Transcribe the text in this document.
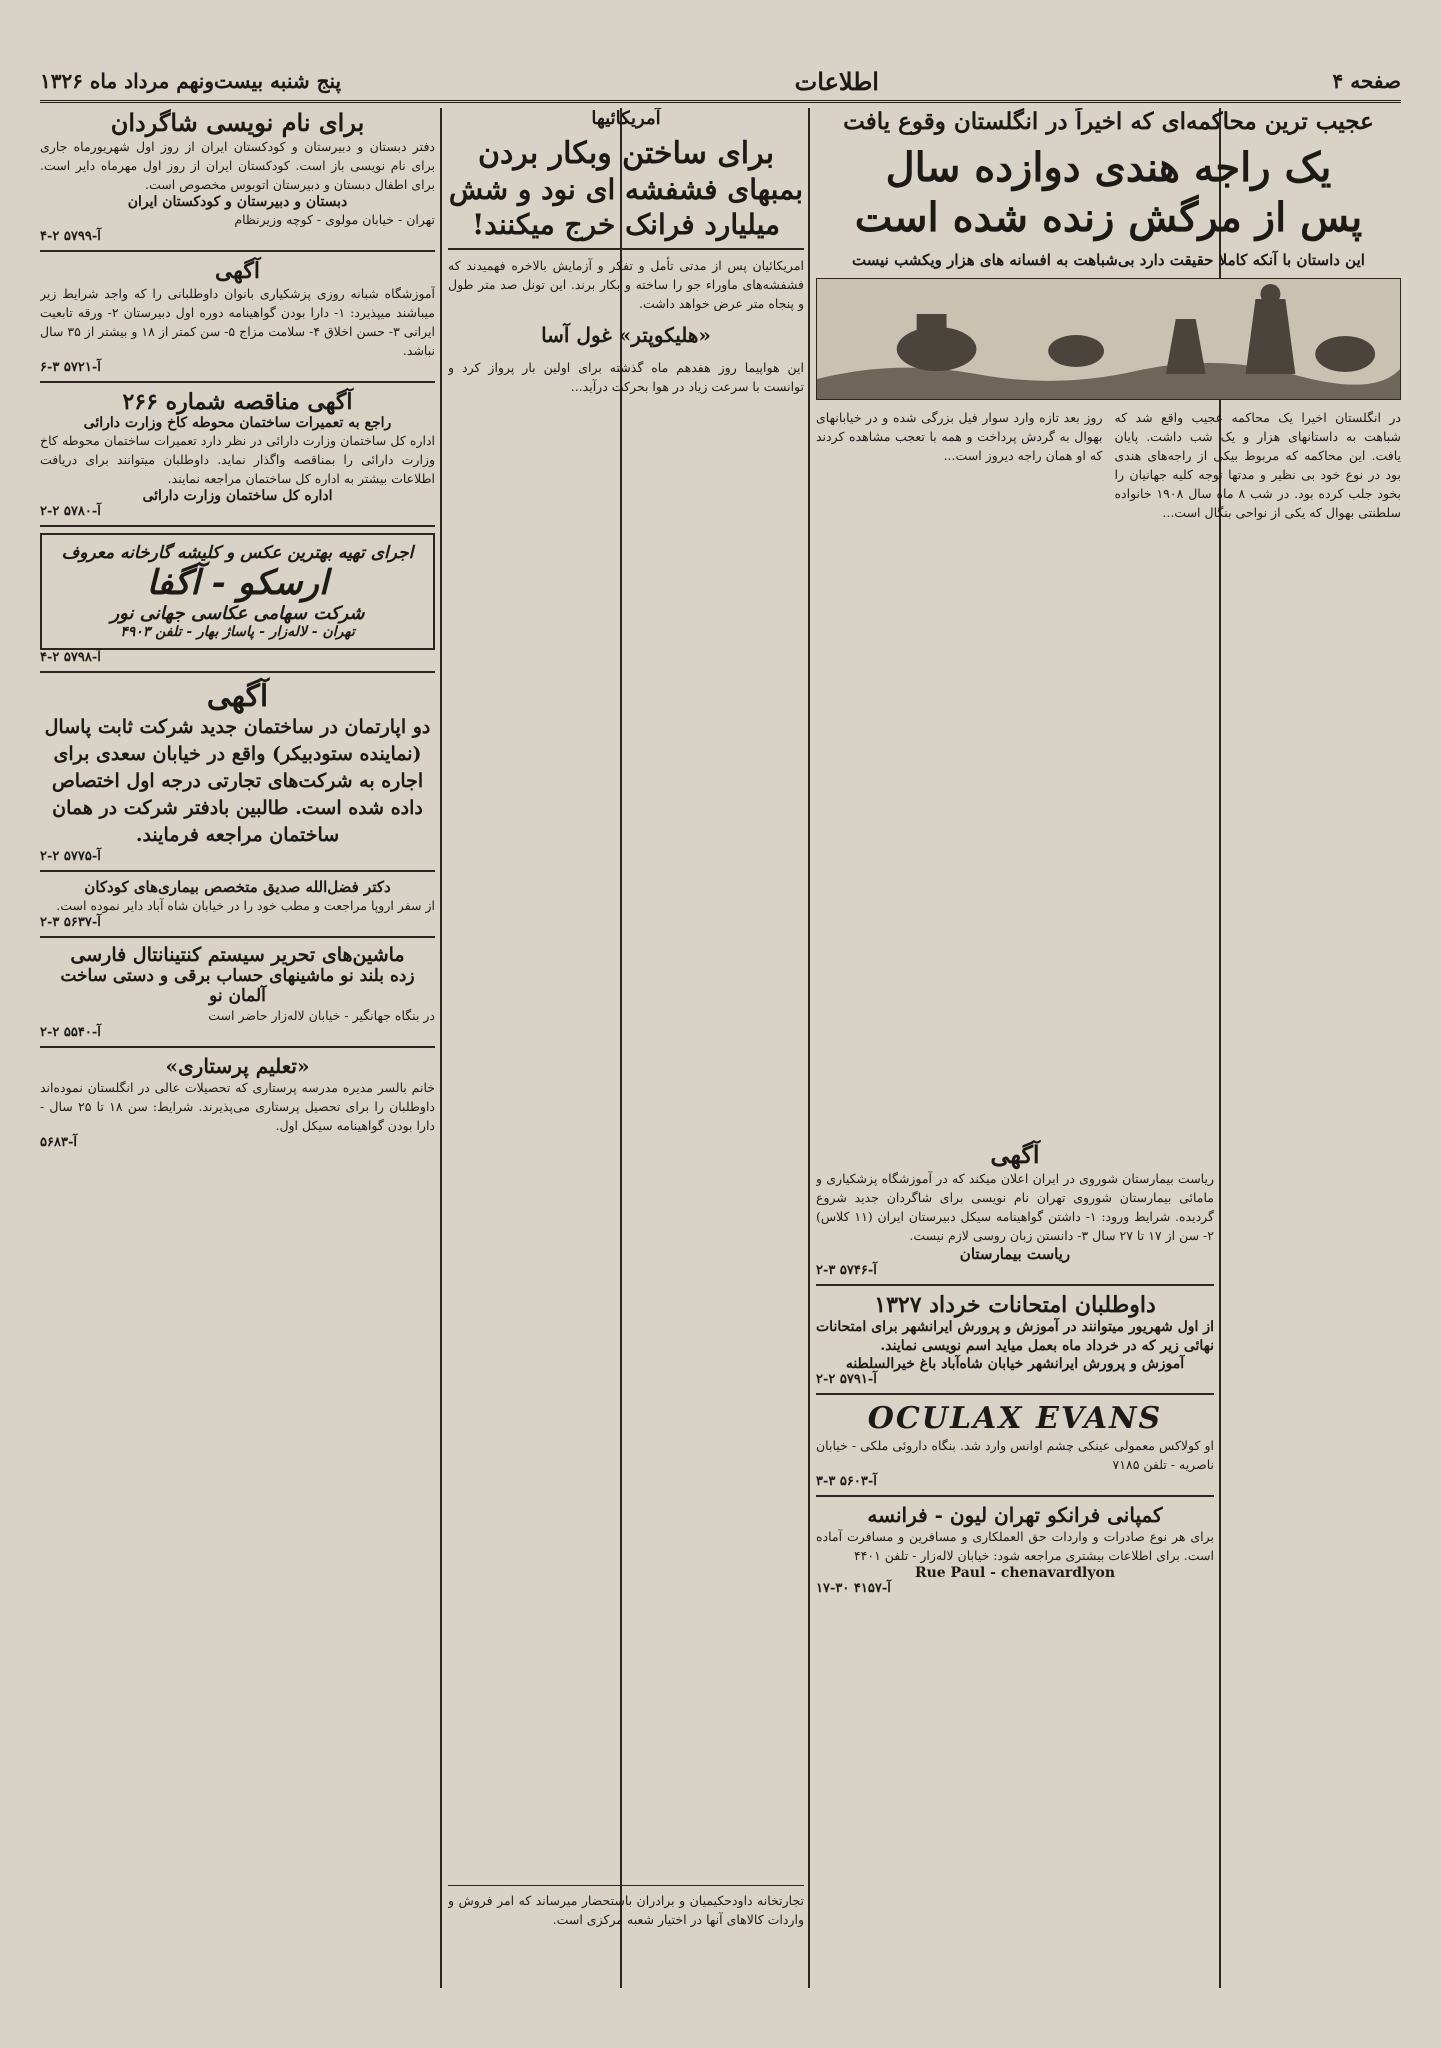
صفحه ۴
اطلاعات
پنج شنبه بیست‌ونهم مرداد ماه ۱۳۲۶
عجیب ترین محاکمه‌ای که اخیراً در انگلستان وقوع یافت
یک راجه هندی دوازده سال
پس از مرگش زنده شده است

این داستان با آنکه کاملا حقیقت دارد بی‌شباهت به افسانه های هزار ویکشب نیست

در انگلستان اخیرا یک محاکمه عجیب واقع شد که شباهت به داستانهای هزار و یک شب داشت. پایان یافت. این محاکمه که مربوط بیکی از راجه‌های هندی بود در نوع خود بی نظیر و مدتها توجه کلیه جهانیان را بخود جلب کرده بود. در شب ۸ ماه سال ۱۹۰۸ خانواده سلطنتی بهوال که یکی از نواحی بنگال است...

روز بعد تازه وارد سوار فیل بزرگی شده و در خیابانهای بهوال به گردش پرداخت و همه با تعجب مشاهده کردند که او همان راجه دیروز است...

آمریکائیها
برای ساختن وبکار بردن
بمبهای فشفشه ای نود و شش
میلیارد فرانک خرج میکنند!

امریکائیان پس از مدتی تأمل و تفکر و آزمایش بالاخره فهمیدند که فشفشه‌های ماوراء جو را ساخته و بکار برند. این تونل صد متر طول و پنجاه متر عرض خواهد داشت.

«هلیکوپتر» غول آسا

این هواپیما روز هفدهم ماه گذشته برای اولین بار پرواز کرد و توانست با سرعت زیاد در هوا بحرکت درآید...

آگهی

ریاست بیمارستان شوروی در ایران اعلان میکند که در آموزشگاه پزشکیاری و مامائی بیمارستان شوروی تهران نام نویسی برای شاگردان جدید شروع گردیده. شرایط ورود: ۱- داشتن گواهینامه سیکل دبیرستان ایران (۱۱ کلاس) ۲- سن از ۱۷ تا ۲۷ سال ۳- دانستن زبان روسی لازم نیست.

ریاست بیمارستان

آ-۵۷۴۶ ۳-۲

داوطلبان امتحانات خرداد ۱۳۲۷

از اول شهریور میتوانند در آموزش و پرورش ایرانشهر برای امتحانات نهائی زیر که در خرداد ماه بعمل میاید اسم نویسی نمایند.

آموزش و پرورش ایرانشهر خیابان شاه‌آباد باغ خیرالسلطنه

آ-۵۷۹۱ ۲-۲

OCULAX EVANS

او کولاکس معمولی عینکی چشم اوانس وارد شد. بنگاه داروئی ملکی - خیابان ناصریه - تلفن ۷۱۸۵

آ-۵۶۰۳ ۳-۳

کمپانی فرانکو تهران لیون - فرانسه

برای هر نوع صادرات و واردات حق العملکاری و مسافرین و مسافرت آماده است. برای اطلاعات بیشتری مراجعه شود: خیابان لاله‌زار - تلفن ۴۴۰۱

Rue Paul - chenavardlyon

آ-۴۱۵۷ ۳۰-۱۷

تجارتخانه داودحکیمیان و برادران باستحضار میرساند که امر فروش و واردات کالاهای آنها در اختیار شعبه مرکزی است.

برای نام نویسی شاگردان

دفتر دبستان و دبیرستان و کودکستان ایران از روز اول شهریورماه جاری برای نام نویسی باز است. کودکستان ایران از روز اول مهرماه دایر است. برای اطفال دبستان و دبیرستان اتوبوس مخصوص است.

دبستان و دبیرستان و کودکستان ایران

تهران - خیابان مولوی - کوچه وزیرنظام

آ-۵۷۹۹ ۲-۴

آگهی

آموزشگاه شبانه روزی پزشکیاری بانوان داوطلبانی را که واجد شرایط زیر میباشند میپذیرد: ۱- دارا بودن گواهینامه دوره اول دبیرستان ۲- ورقه تابعیت ایرانی ۳- حسن اخلاق ۴- سلامت مزاج ۵- سن کمتر از ۱۸ و بیشتر از ۳۵ سال نباشد.

آ-۵۷۲۱ ۳-۶

آگهی مناقصه شماره ۲۶۶

راجع به تعمیرات ساختمان محوطه کاخ وزارت دارائی

اداره کل ساختمان وزارت دارائی در نظر دارد تعمیرات ساختمان محوطه کاخ وزارت دارائی را بمناقصه واگذار نماید. داوطلبان میتوانند برای دریافت اطلاعات بیشتر به اداره کل ساختمان مراجعه نمایند.

اداره کل ساختمان وزارت دارائی

آ-۵۷۸۰ ۲-۲

اجرای تهیه بهترین عکس و کلیشه گارخانه معروف

ارسکو - آگفا

شرکت سهامی عکاسی جهانی نور

تهران - لاله‌زار - پاساژ بهار - تلفن ۴۹۰۳

آ-۵۷۹۸ ۲-۴

آگهی

دو اپارتمان در ساختمان جدید شرکت ثابت پاسال (نماینده ستودبیکر) واقع در خیابان سعدی برای اجاره به شرکت‌های تجارتی درجه اول اختصاص داده شده است. طالبین بادفتر شرکت در همان ساختمان مراجعه فرمایند.

آ-۵۷۷۵ ۲-۲

دکتر فضل‌الله صدیق متخصص بیماری‌های کودکان

از سفر اروپا مراجعت و مطب خود را در خیابان شاه آباد دایر نموده است.

آ-۵۶۳۷ ۳-۲

ماشین‌های تحریر سیستم کنتینانتال فارسی

زده بلند نو ماشینهای حساب برقی و دستی ساخت آلمان نو

در بنگاه جهانگیر - خیابان لاله‌زار حاضر است

آ-۵۵۴۰ ۲-۲

«تعلیم پرستاری»

خانم بالسر مدیره مدرسه پرستاری که تحصیلات عالی در انگلستان نموده‌اند داوطلبان را برای تحصیل پرستاری می‌پذیرند. شرایط: سن ۱۸ تا ۲۵ سال - دارا بودن گواهینامه سیکل اول.

آ-۵۶۸۳
